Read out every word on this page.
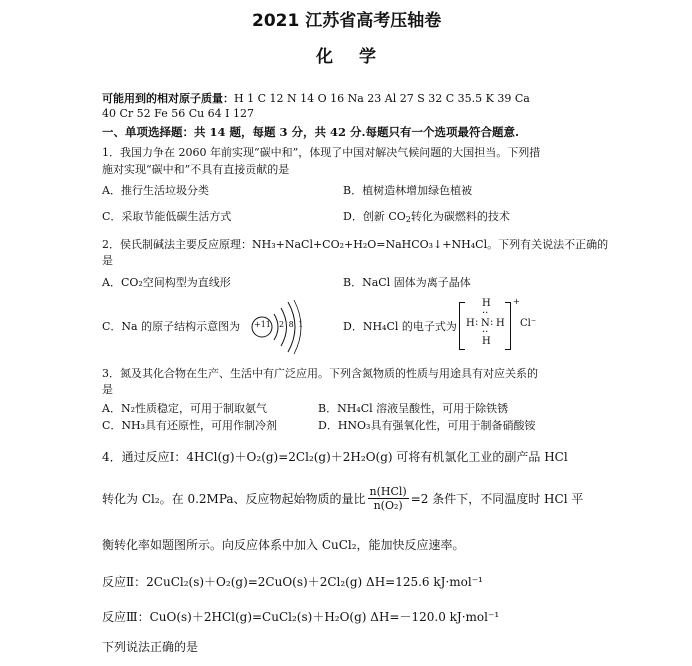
2021 江苏省高考压轴卷
化学
可能用到的相对原子质量：H 1 C 12 N 14 O 16 Na 23 Al 27 S 32 C 35.5 K 39 Ca
40 Cr 52 Fe 56 Cu 64 I 127
一、单项选择题：共 14 题，每题 3 分，共 42 分.每题只有一个选项最符合题意.
1．我国力争在 2060 年前实现“碳中和”，体现了中国对解决气候问题的大国担当。下列措
施对实现“碳中和”不具有直接贡献的是
A．推行生活垃圾分类	B．植树造林增加绿色植被
C．采取节能低碳生活方式	D．创新 $CO_2$转化为碳燃料的技术
2．侯氏制碱法主要反应原理：NH₃+NaCl+CO₂+H₂O=NaHCO₃↓+NH₄Cl。下列有关说法不正确的
是
A．CO₂空间构型为直线形	B．NaCl 固体为离子晶体
C．Na 的原子结构示意图为 +11 2 8 1	D．NH₄Cl 的电子式为
H
··
H : N : H
··
H
+
Cl⁻
3．氮及其化合物在生产、生活中有广泛应用。下列含氮物质的性质与用途具有对应关系的
是
A．N₂性质稳定，可用于制取氨气	B．NH₄Cl 溶液呈酸性，可用于除铁锈
C．NH₃具有还原性，可用作制冷剂	D．HNO₃具有强氧化性，可用于制备硝酸铵
4．通过反应Ⅰ：4HCl(g)＋O₂(g)=2Cl₂(g)＋2H₂O(g) 可将有机氯化工业的副产品 HCl
转化为 Cl₂。在 0.2MPa、反应物起始物质的量比 $\frac{\text{n(HCl)}}{\text{n(O₂)}} =2$ 条件下，不同温度时 HCl 平
衡转化率如题图所示。向反应体系中加入 CuCl₂，能加快反应速率。
反应Ⅱ：2CuCl₂(s)＋O₂(g)=2CuO(s)＋2Cl₂(g) ΔH=125.6 kJ·mol⁻¹
反应Ⅲ：CuO(s)＋2HCl(g)=CuCl₂(s)＋H₂O(g) ΔH=－120.0 kJ·mol⁻¹
下列说法正确的是
